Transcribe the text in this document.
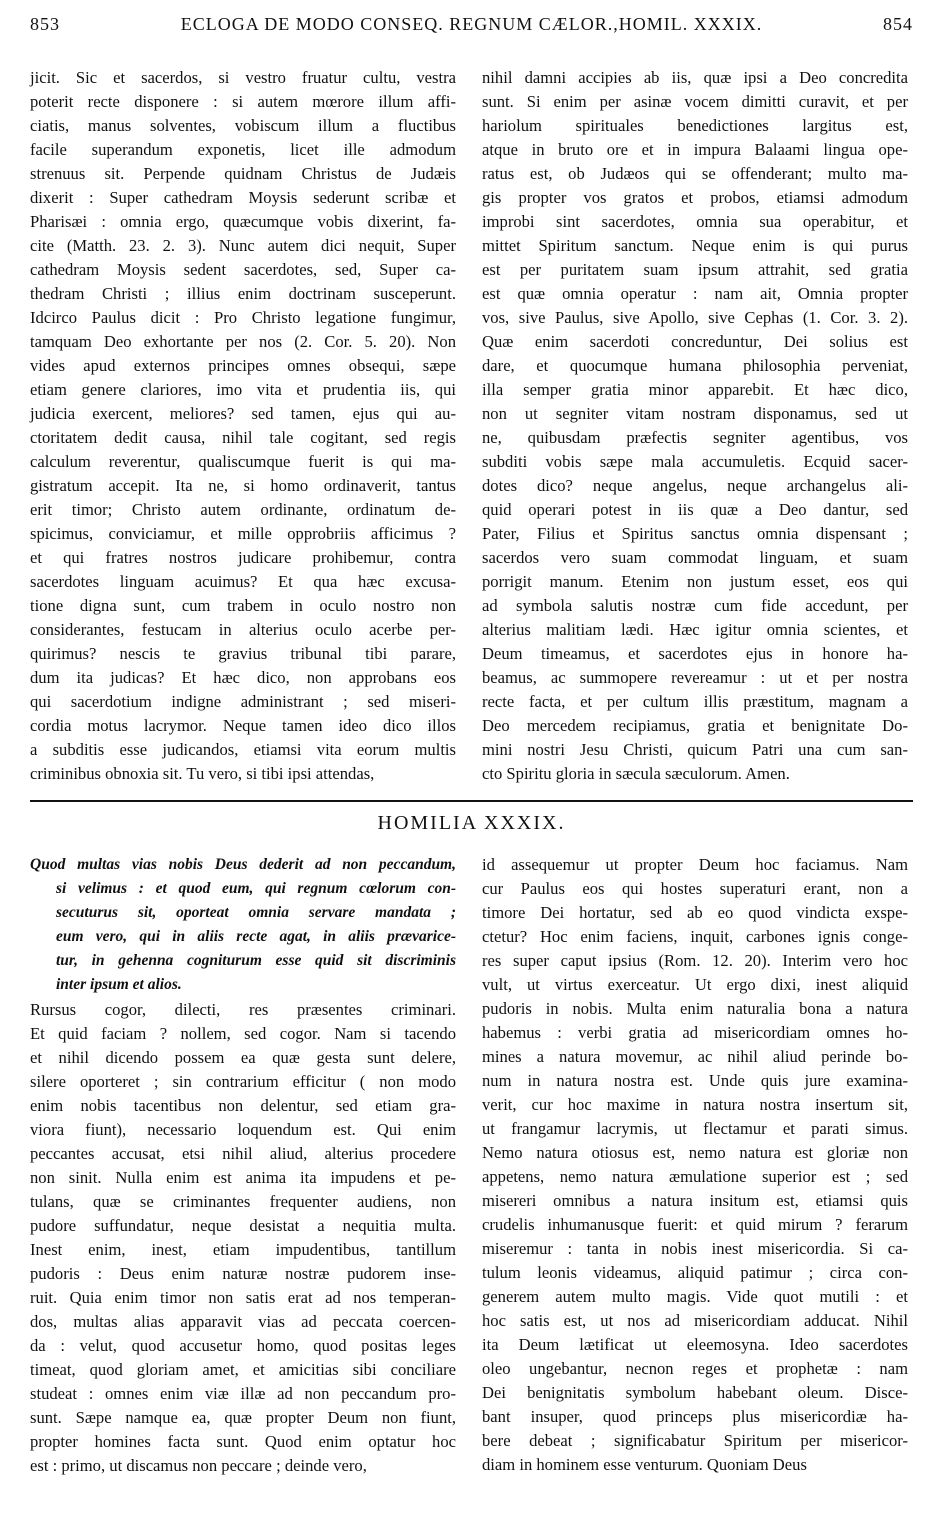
853	ECLOGA DE MODO CONSEQ. REGNUM CÆLOR.,HOMIL. XXXIX.	854
jicit. Sic et sacerdos, si vestro fruatur cultu, vestra
poterit recte disponere : si autem mœrore illum affi-
ciatis, manus solventes, vobiscum illum a fluctibus
facile superandum exponetis, licet ille admodum
strenuus sit. Perpende quidnam Christus de Judæis
dixerit : Super cathedram Moysis sederunt scribæ et
Pharisæi : omnia ergo, quæcumque vobis dixerint, fa-
cite (Matth. 23. 2. 3). Nunc autem dici nequit, Super
cathedram Moysis sedent sacerdotes, sed, Super ca-
thedram Christi ; illius enim doctrinam susceperunt.
Idcirco Paulus dicit : Pro Christo legatione fungimur,
tamquam Deo exhortante per nos (2. Cor. 5. 20). Non
vides apud externos principes omnes obsequi, sæpe
etiam genere clariores, imo vita et prudentia iis, qui
judicia exercent, meliores? sed tamen, ejus qui au-
ctoritatem dedit causa, nihil tale cogitant, sed regis
calculum reverentur, qualiscumque fuerit is qui ma-
gistratum accepit. Ita ne, si homo ordinaverit, tantus
erit timor; Christo autem ordinante, ordinatum de-
spicimus, conviciamur, et mille opprobriis afficimus ?
et qui fratres nostros judicare prohibemur, contra
sacerdotes linguam acuimus? Et qua hæc excusa-
tione digna sunt, cum trabem in oculo nostro non
considerantes, festucam in alterius oculo acerbe per-
quirimus? nescis te gravius tribunal tibi parare,
dum ita judicas? Et hæc dico, non approbans eos
qui sacerdotium indigne administrant ; sed miseri-
cordia motus lacrymor. Neque tamen ideo dico illos
a subditis esse judicandos, etiamsi vita eorum multis
criminibus obnoxia sit. Tu vero, si tibi ipsi attendas,
nihil damni accipies ab iis, quæ ipsi a Deo concredita
sunt. Si enim per asinæ vocem dimitti curavit, et per
hariolum spirituales benedictiones largitus est,
atque in bruto ore et in impura Balaami lingua ope-
ratus est, ob Judæos qui se offenderant; multo ma-
gis propter vos gratos et probos, etiamsi admodum
improbi sint sacerdotes, omnia sua operabitur, et
mittet Spiritum sanctum. Neque enim is qui purus
est per puritatem suam ipsum attrahit, sed gratia
est quæ omnia operatur : nam ait, Omnia propter
vos, sive Paulus, sive Apollo, sive Cephas (1. Cor. 3. 2).
Quæ enim sacerdoti concreduntur, Dei solius est
dare, et quocumque humana philosophia perveniat,
illa semper gratia minor apparebit. Et hæc dico,
non ut segniter vitam nostram disponamus, sed ut
ne, quibusdam præfectis segniter agentibus, vos
subditi vobis sæpe mala accumuletis. Ecquid sacer-
dotes dico? neque angelus, neque archangelus ali-
quid operari potest in iis quæ a Deo dantur, sed
Pater, Filius et Spiritus sanctus omnia dispensant ;
sacerdos vero suam commodat linguam, et suam
porrigit manum. Etenim non justum esset, eos qui
ad symbola salutis nostræ cum fide accedunt, per
alterius malitiam lædi. Hæc igitur omnia scientes, et
Deum timeamus, et sacerdotes ejus in honore ha-
beamus, ac summopere revereamur : ut et per nostra
recte facta, et per cultum illis præstitum, magnam a
Deo mercedem recipiamus, gratia et benignitate Do-
mini nostri Jesu Christi, quicum Patri una cum san-
cto Spiritu gloria in sæcula sæculorum. Amen.
HOMILIA XXXIX.
Quod multas vias nobis Deus dederit ad non peccandum,
si velimus : et quod eum, qui regnum cœlorum con-
secuturus sit, oporteat omnia servare mandata ;
eum vero, qui in aliis recte agat, in aliis prævarice-
tur, in gehenna cogniturum esse quid sit discriminis
inter ipsum et alios.
Rursus cogor, dilecti, res præsentes criminari.
Et quid faciam ? nollem, sed cogor. Nam si tacendo
et nihil dicendo possem ea quæ gesta sunt delere,
silere oporteret ; sin contrarium efficitur ( non modo
enim nobis tacentibus non delentur, sed etiam gra-
viora fiunt), necessario loquendum est. Qui enim
peccantes accusat, etsi nihil aliud, alterius procedere
non sinit. Nulla enim est anima ita impudens et pe-
tulans, quæ se criminantes frequenter audiens, non
pudore suffundatur, neque desistat a nequitia multa.
Inest enim, inest, etiam impudentibus, tantillum
pudoris : Deus enim naturæ nostræ pudorem inse-
ruit. Quia enim timor non satis erat ad nos temperan-
dos, multas alias apparavit vias ad peccata coercen-
da : velut, quod accusetur homo, quod positas leges
timeat, quod gloriam amet, et amicitias sibi conciliare
studeat : omnes enim viæ illæ ad non peccandum pro-
sunt. Sæpe namque ea, quæ propter Deum non fiunt,
propter homines facta sunt. Quod enim optatur hoc
est : primo, ut discamus non peccare ; deinde vero,
id assequemur ut propter Deum hoc faciamus. Nam
cur Paulus eos qui hostes superaturi erant, non a
timore Dei hortatur, sed ab eo quod vindicta exspe-
ctetur? Hoc enim faciens, inquit, carbones ignis conge-
res super caput ipsius (Rom. 12. 20). Interim vero hoc
vult, ut virtus exerceatur. Ut ergo dixi, inest aliquid
pudoris in nobis. Multa enim naturalia bona a natura
habemus : verbi gratia ad misericordiam omnes ho-
mines a natura movemur, ac nihil aliud perinde bo-
num in natura nostra est. Unde quis jure examina-
verit, cur hoc maxime in natura nostra insertum sit,
ut frangamur lacrymis, ut flectamur et parati simus.
Nemo natura otiosus est, nemo natura est gloriæ non
appetens, nemo natura æmulatione superior est ; sed
misereri omnibus a natura insitum est, etiamsi quis
crudelis inhumanusque fuerit: et quid mirum ? ferarum
miseremur : tanta in nobis inest misericordia. Si ca-
tulum leonis videamus, aliquid patimur ; circa con-
generem autem multo magis. Vide quot mutili : et
hoc satis est, ut nos ad misericordiam adducat. Nihil
ita Deum lætificat ut eleemosyna. Ideo sacerdotes
oleo ungebantur, necnon reges et prophetæ : nam
Dei benignitatis symbolum habebant oleum. Disce-
bant insuper, quod princeps plus misericordiæ ha-
bere debeat ; significabatur Spiritum per misericor-
diam in hominem esse venturum. Quoniam Deus
